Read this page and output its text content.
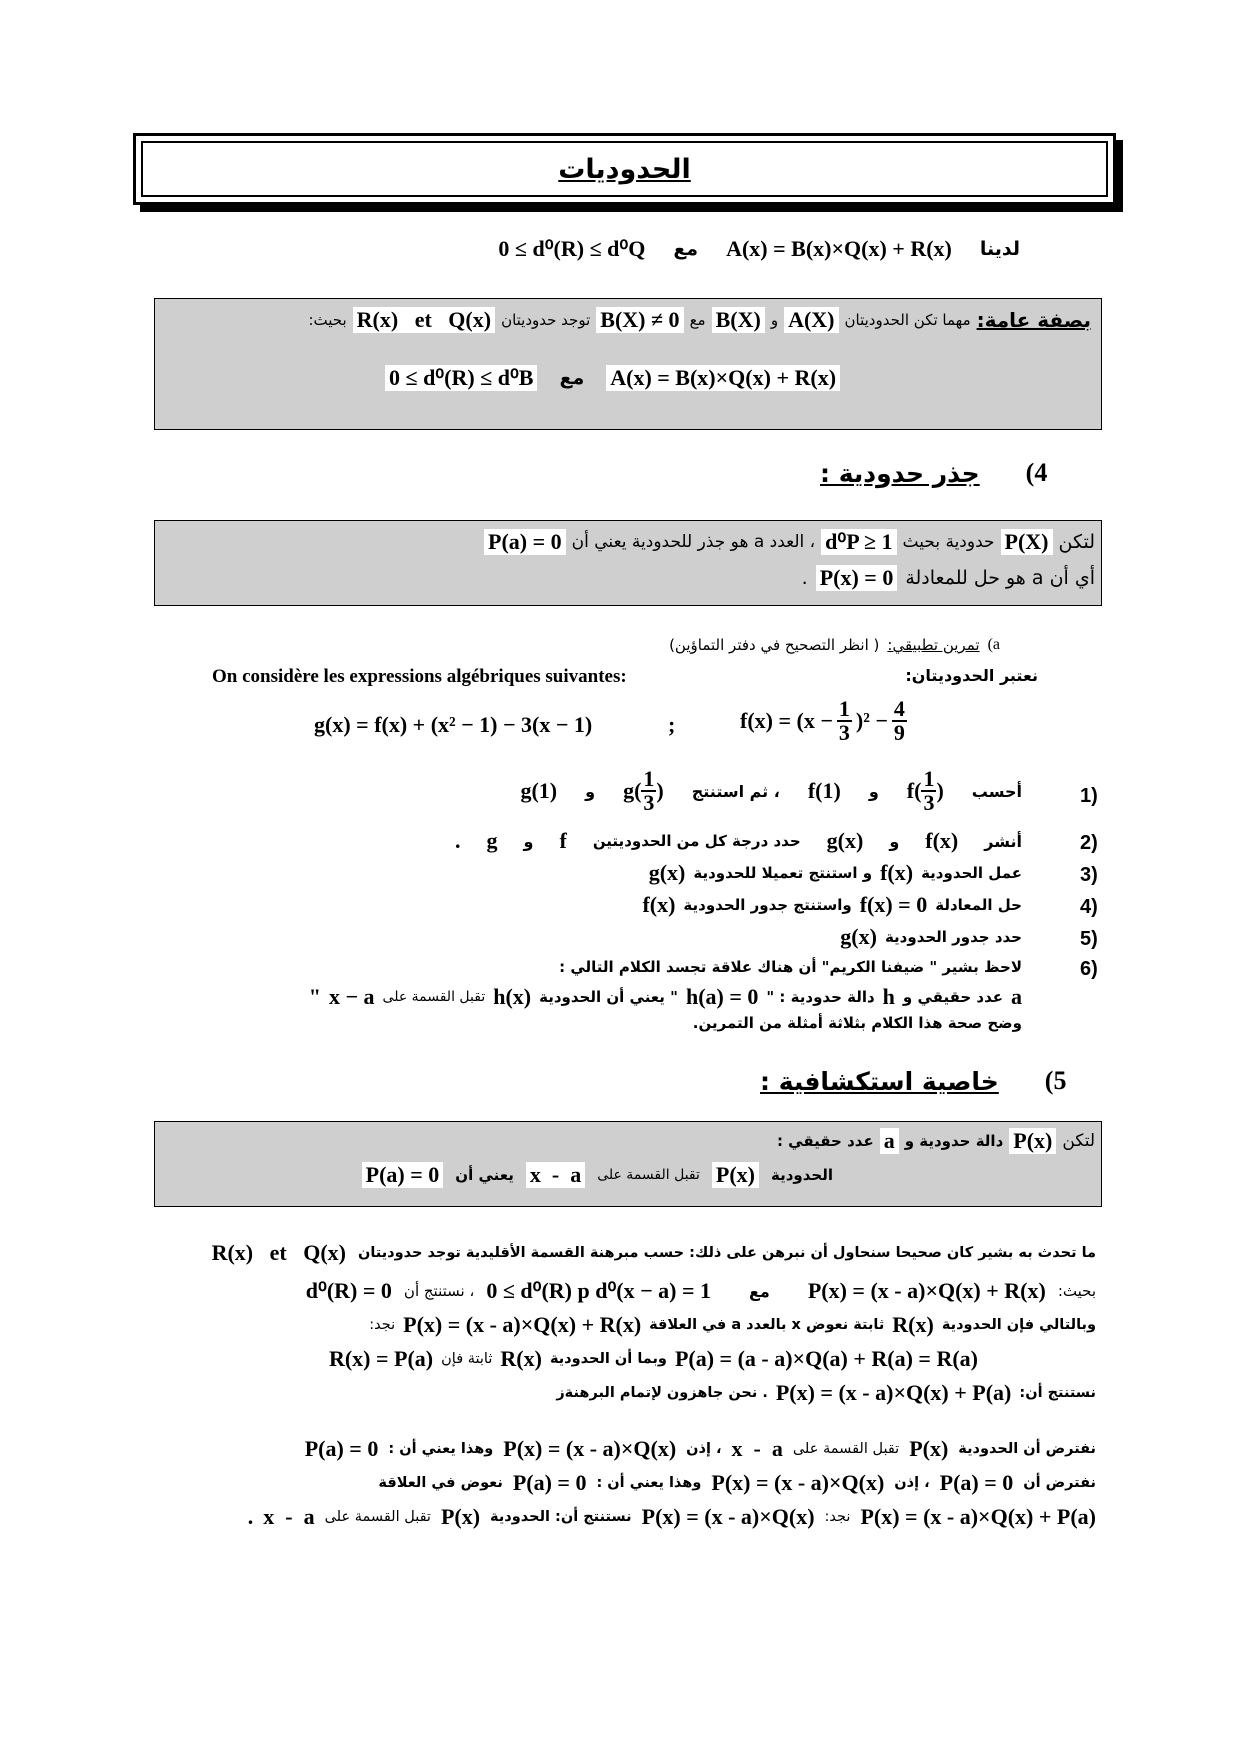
الحدوديات
لدينا
A(x) = B(x)×Q(x) + R(x)
مع
0 ≤ d⁰(R) ≤ d⁰Q
بصفة عامة:
مهما تكن الحدوديتان
A(X)
و
B(X)
مع
B(X) ≠ 0
توجد حدوديتان
R(x)   et   Q(x)
بحيث:
A(x) = B(x)×Q(x) + R(x)
مع
0 ≤ d⁰(R) ≤ d⁰B
4)
جذر حدودية :
لتكن
P(X)
حدودية بحيث
d⁰P ≥ 1
، العدد a هو جذر للحدودية يعني أن
P(a) = 0
أي أن a هو حل للمعادلة
P(x) = 0
.
a)
تمرين تطبيقي:
( انظر التصحيح في دفتر التماؤين)
نعتبر الحدوديتان:
On considère les expressions algébriques suivantes:
g(x) = f(x) + (x² − 1) − 3(x − 1)	;	$f(x) = (x - \frac{1}{3} )^2 - \frac{4}{9}$
1)
أحسب
$f( \frac{1}{3}$ )
و
f(1)
، ثم استنتج
$g( \frac{1}{3}$ )
و
g(1)
2)
أنشر
f(x)
و
g(x)
حدد درجة كل من الحدوديتين
f
و
g
.
3)
عمل الحدودية
f(x)
و استنتج تعميلا للحدودية
g(x)
4)
حل المعادلة
f(x) = 0
واستنتج جدور الحدودية
f(x)
5)
حدد جدور الحدودية
g(x)
6)
لاحظ بشير " ضيفنا الكريم" أن هناك علاقة تجسد الكلام التالي :
a
عدد حقيقي و
h
دالة حدودية : "
h(a) = 0
" يعني أن الحدودية
h(x)
تقبل القسمة على
x − a
"
وضح صحة هذا الكلام بثلاثة أمثلة من التمرين.
5)
خاصية استكشافية :
لتكن
P(x)
دالة حدودية و
a
عدد حقيقي :
الحدودية
P(x)
تقبل القسمة على
x  -  a
يعني أن
P(a) = 0
ما تحدث به بشير كان صحيحا سنحاول أن نبرهن على ذلك: حسب مبرهنة القسمة الأقليدية توجد حدوديتان
R(x)   et   Q(x)
بحيث:
P(x) = (x - a)×Q(x) + R(x)
مع
0 ≤ d⁰(R) p d⁰(x − a) = 1
، نستنتج أن
d⁰(R) = 0
وبالتالي فإن الحدودية
R(x)
ثابتة نعوض x بالعدد a في العلاقة
P(x) = (x - a)×Q(x) + R(x)
نجد:
P(a) = (a - a)×Q(a) + R(a) = R(a)
وبما أن الحدودية
R(x)
ثابتة فإن
R(x) = P(a)
نستنتج أن:
P(x) = (x - a)×Q(x) + P(a)
. نحن جاهزون لإتمام البرهنةز
نفترض أن الحدودية
P(x)
تقبل القسمة على
x  -  a
، إذن
P(x) = (x - a)×Q(x)
وهذا يعني أن :
P(a) = 0
نفترض أن
P(a) = 0
، إذن
P(x) = (x - a)×Q(x)
وهذا يعني أن :
P(a) = 0
نعوض في العلاقة
P(x) = (x - a)×Q(x) + P(a)
نجد:
P(x) = (x - a)×Q(x)
نستنتج أن: الحدودية
P(x)
تقبل القسمة على
x  -  a
.
